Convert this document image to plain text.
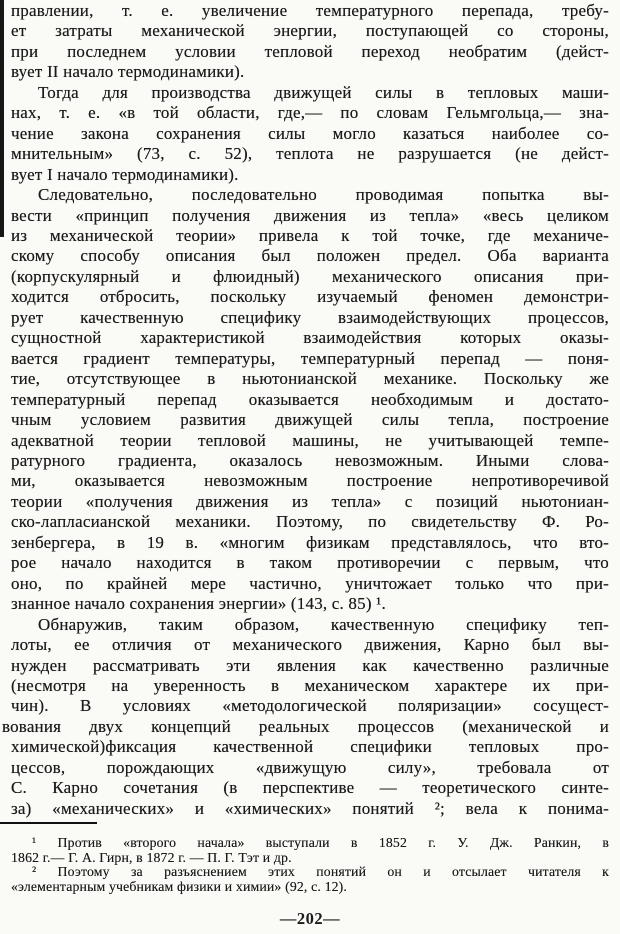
правлении, т. е. увеличение температурного перепада, требу-
ет затраты механической энергии, поступающей со стороны,
при последнем условии тепловой переход необратим (дейст-
вует II начало термодинамики).
Тогда для производства движущей силы в тепловых маши-
нах, т. е. «в той области, где,— по словам Гельмгольца,— зна-
чение закона сохранения силы могло казаться наиболее со-
мнительным» (73, с. 52), теплота не разрушается (не дейст-
вует I начало термодинамики).
Следовательно, последовательно проводимая попытка вы-
вести «принцип получения движения из тепла» «весь целиком
из механической теории» привела к той точке, где механиче-
скому способу описания был положен предел. Оба варианта
(корпускулярный и флюидный) механического описания при-
ходится отбросить, поскольку изучаемый феномен демонстри-
рует качественную специфику взаимодействующих процессов,
сущностной характеристикой взаимодействия которых оказы-
вается градиент температуры, температурный перепад — поня-
тие, отсутствующее в ньютонианской механике. Поскольку же
температурный перепад оказывается необходимым и достато-
чным условием развития движущей силы тепла, построение
адекватной теории тепловой машины, не учитывающей темпе-
ратурного градиента, оказалось невозможным. Иными слова-
ми, оказывается невозможным построение непротиворечивой
теории «получения движения из тепла» с позиций ньютониан-
ско-лапласианской механики. Поэтому, по свидетельству Ф. Ро-
зенбергера, в 19 в. «многим физикам представлялось, что вто-
рое начало находится в таком противоречии с первым, что
оно, по крайней мере частично, уничтожает только что при-
знанное начало сохранения энергии» (143, с. 85) ¹.
Обнаружив, таким образом, качественную специфику теп-
лоты, ее отличия от механического движения, Карно был вы-
нужден рассматривать эти явления как качественно различные
(несмотря на уверенность в механическом характере их при-
чин). В условиях «методологической поляризации» сосущест-
вования двух концепций реальных процессов (механической и
химической)фиксация качественной специфики тепловых про-
цессов, порождающих «движущую силу», требовала от
С. Карно сочетания (в перспективе — теоретического синте-
за) «механических» и «химических» понятий ²; вела к понима-
¹ Против «второго начала» выступали в 1852 г. У. Дж. Ранкин, в
1862 г.— Г. А. Гирн, в 1872 г. — П. Г. Тэт и др.
² Поэтому за разъяснением этих понятий он и отсылает читателя к
«элементарным учебникам физики и химии» (92, с. 12).
—202—
